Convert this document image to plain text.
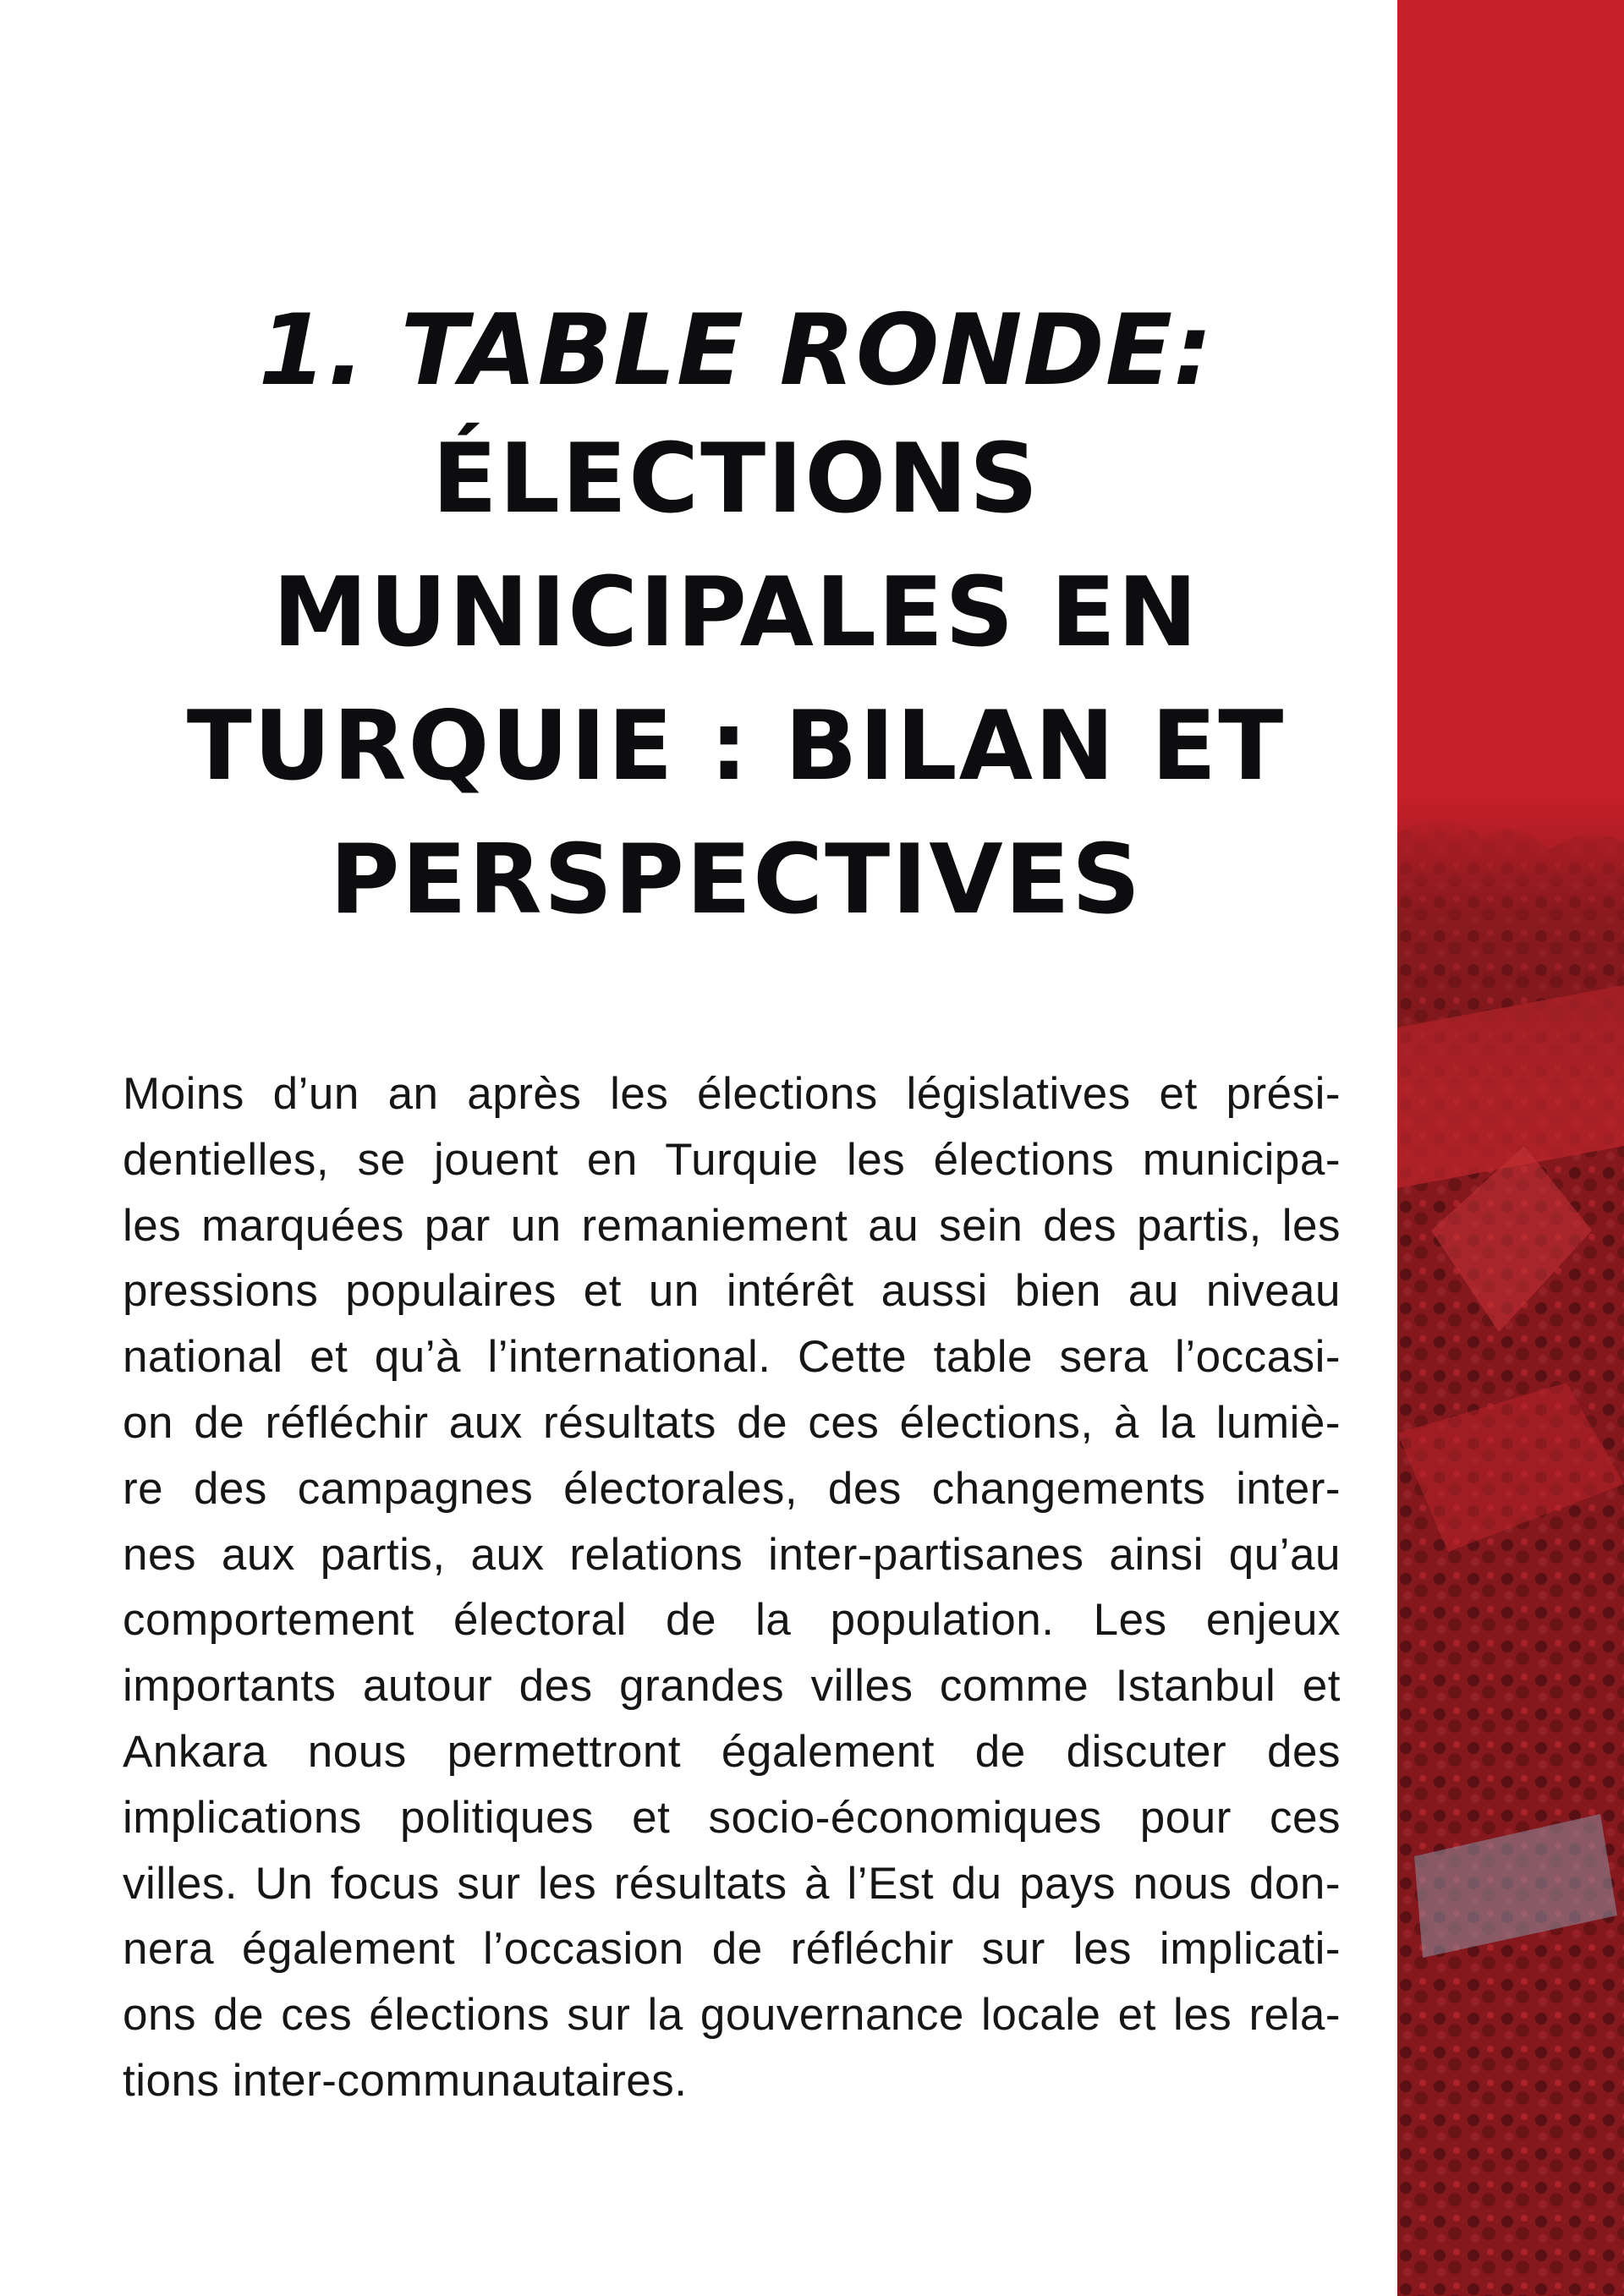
1. TABLE RONDE:
ÉLECTIONS
MUNICIPALES EN
TURQUIE : BILAN ET
PERSPECTIVES
Moins d’un an après les élections législatives et prési-
dentielles, se jouent en Turquie les élections municipa-
les marquées par un remaniement au sein des partis, les
pressions populaires et un intérêt aussi bien au niveau
national et qu’à l’international. Cette table sera l’occasi-
on de réfléchir aux résultats de ces élections, à la lumiè-
re des campagnes électorales, des changements inter-
nes aux partis, aux relations inter-partisanes ainsi qu’au
comportement électoral de la population. Les enjeux
importants autour des grandes villes comme Istanbul et
Ankara nous permettront également de discuter des
implications politiques et socio-économiques pour ces
villes. Un focus sur les résultats à l’Est du pays nous don-
nera également l’occasion de réfléchir sur les implicati-
ons de ces élections sur la gouvernance locale et les rela-
tions inter-communautaires.
